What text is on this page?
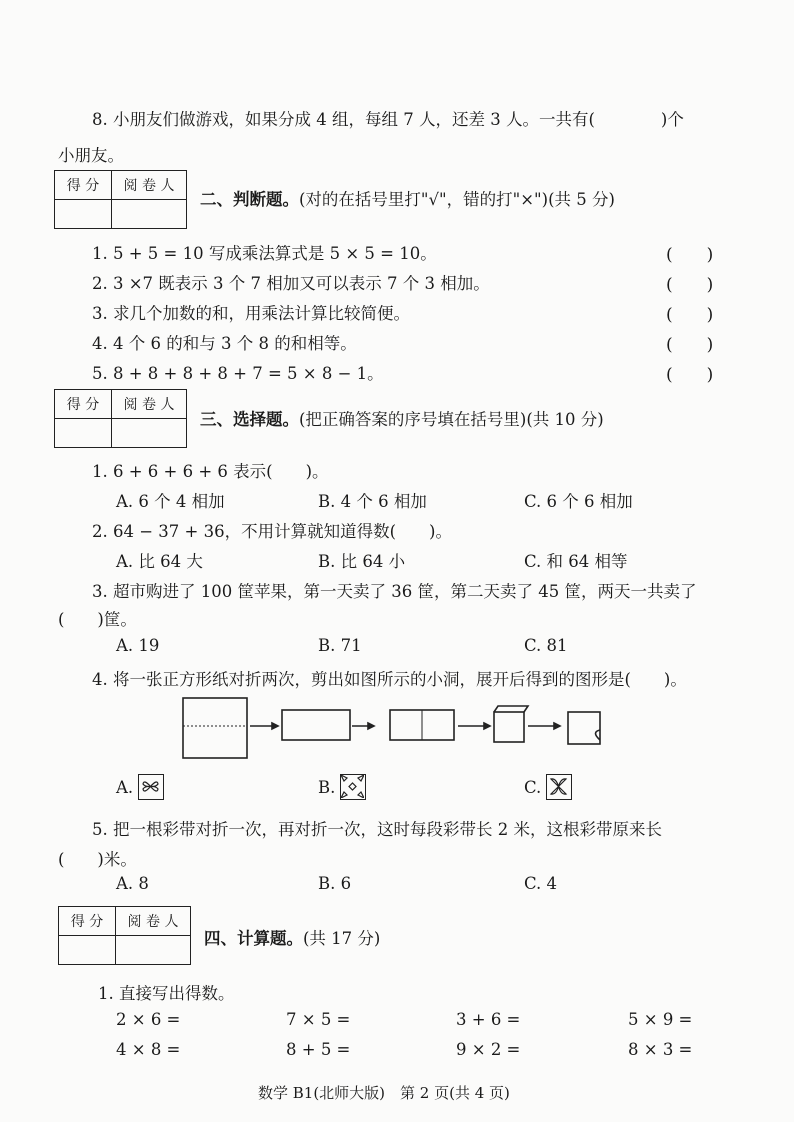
8. 小朋友们做游戏，如果分成 4 组，每组 7 人，还差 3 人。一共有(　　　　)个
小朋友。
得 分	阅 卷 人

二、判断题。(对的在括号里打"√"，错的打"×")(共 5 分)
1. 5 + 5 = 10 写成乘法算式是 5 × 5 = 10。	(　　)
2. 3 ×7 既表示 3 个 7 相加又可以表示 7 个 3 相加。	(　　)
3. 求几个加数的和，用乘法计算比较简便。	(　　)
4. 4 个 6 的和与 3 个 8 的和相等。	(　　)
5. 8 + 8 + 8 + 8 + 7 = 5 × 8 − 1。	(　　)
得 分	阅 卷 人

三、选择题。(把正确答案的序号填在括号里)(共 10 分)
1. 6 + 6 + 6 + 6 表示(　　)。
A. 6 个 4 相加	B. 4 个 6 相加	C. 6 个 6 相加
2. 64 − 37 + 36，不用计算就知道得数(　　)。
A. 比 64 大	B. 比 64 小	C. 和 64 相等
3. 超市购进了 100 筐苹果，第一天卖了 36 筐，第二天卖了 45 筐，两天一共卖了
(　　)筐。
A. 19	B. 71	C. 81
4. 将一张正方形纸对折两次，剪出如图所示的小洞，展开后得到的图形是(　　)。
A.	B.	C.
5. 把一根彩带对折一次，再对折一次，这时每段彩带长 2 米，这根彩带原来长
(　　)米。
A. 8	B. 6	C. 4
得 分	阅 卷 人

四、计算题。(共 17 分)
1. 直接写出得数。
2 × 6 =	7 × 5 =	3 + 6 =	5 × 9 =
4 × 8 =	8 + 5 =	9 × 2 =	8 × 3 =
数学 B1(北师大版)　第 2 页(共 4 页)
